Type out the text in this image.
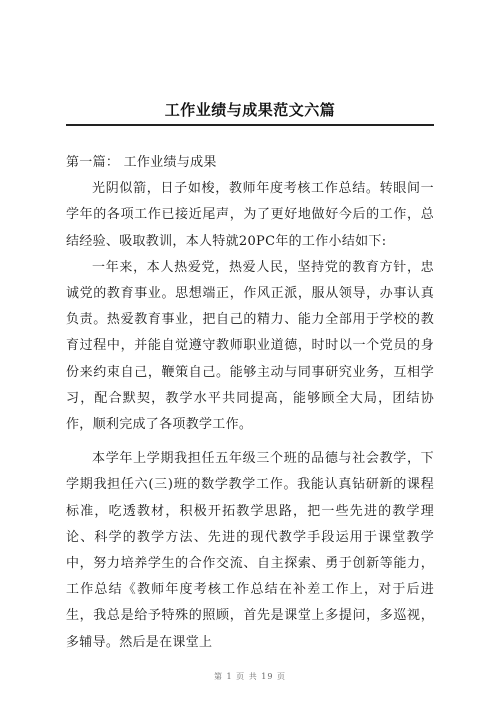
工作业绩与成果范文六篇

第一篇： 工作业绩与成果

光阴似箭，日子如梭，教师年度考核工作总结。转眼间一学年的各项工作已接近尾声，为了更好地做好今后的工作，总结经验、吸取教训，本人特就20PC年的工作小结如下:

一年来，本人热爱党，热爱人民，坚持党的教育方针，忠诚党的教育事业。思想端正，作风正派，服从领导，办事认真负责。热爱教育事业，把自己的精力、能力全部用于学校的教育过程中，并能自觉遵守教师职业道德，时时以一个党员的身份来约束自己，鞭策自己。能够主动与同事研究业务，互相学习，配合默契，教学水平共同提高，能够顾全大局，团结协作，顺利完成了各项教学工作。

本学年上学期我担任五年级三个班的品德与社会教学，下学期我担任六(三)班的数学教学工作。我能认真钻研新的课程标准，吃透教材，积极开拓教学思路，把一些先进的教学理论、科学的教学方法、先进的现代教学手段运用于课堂教学中，努力培养学生的合作交流、自主探索、勇于创新等能力，工作总结《教师年度考核工作总结在补差工作上，对于后进生，我总是给予特殊的照顾，首先是课堂上多提问，多巡视，多辅导。然后是在课堂上

第 1 页 共 19 页
